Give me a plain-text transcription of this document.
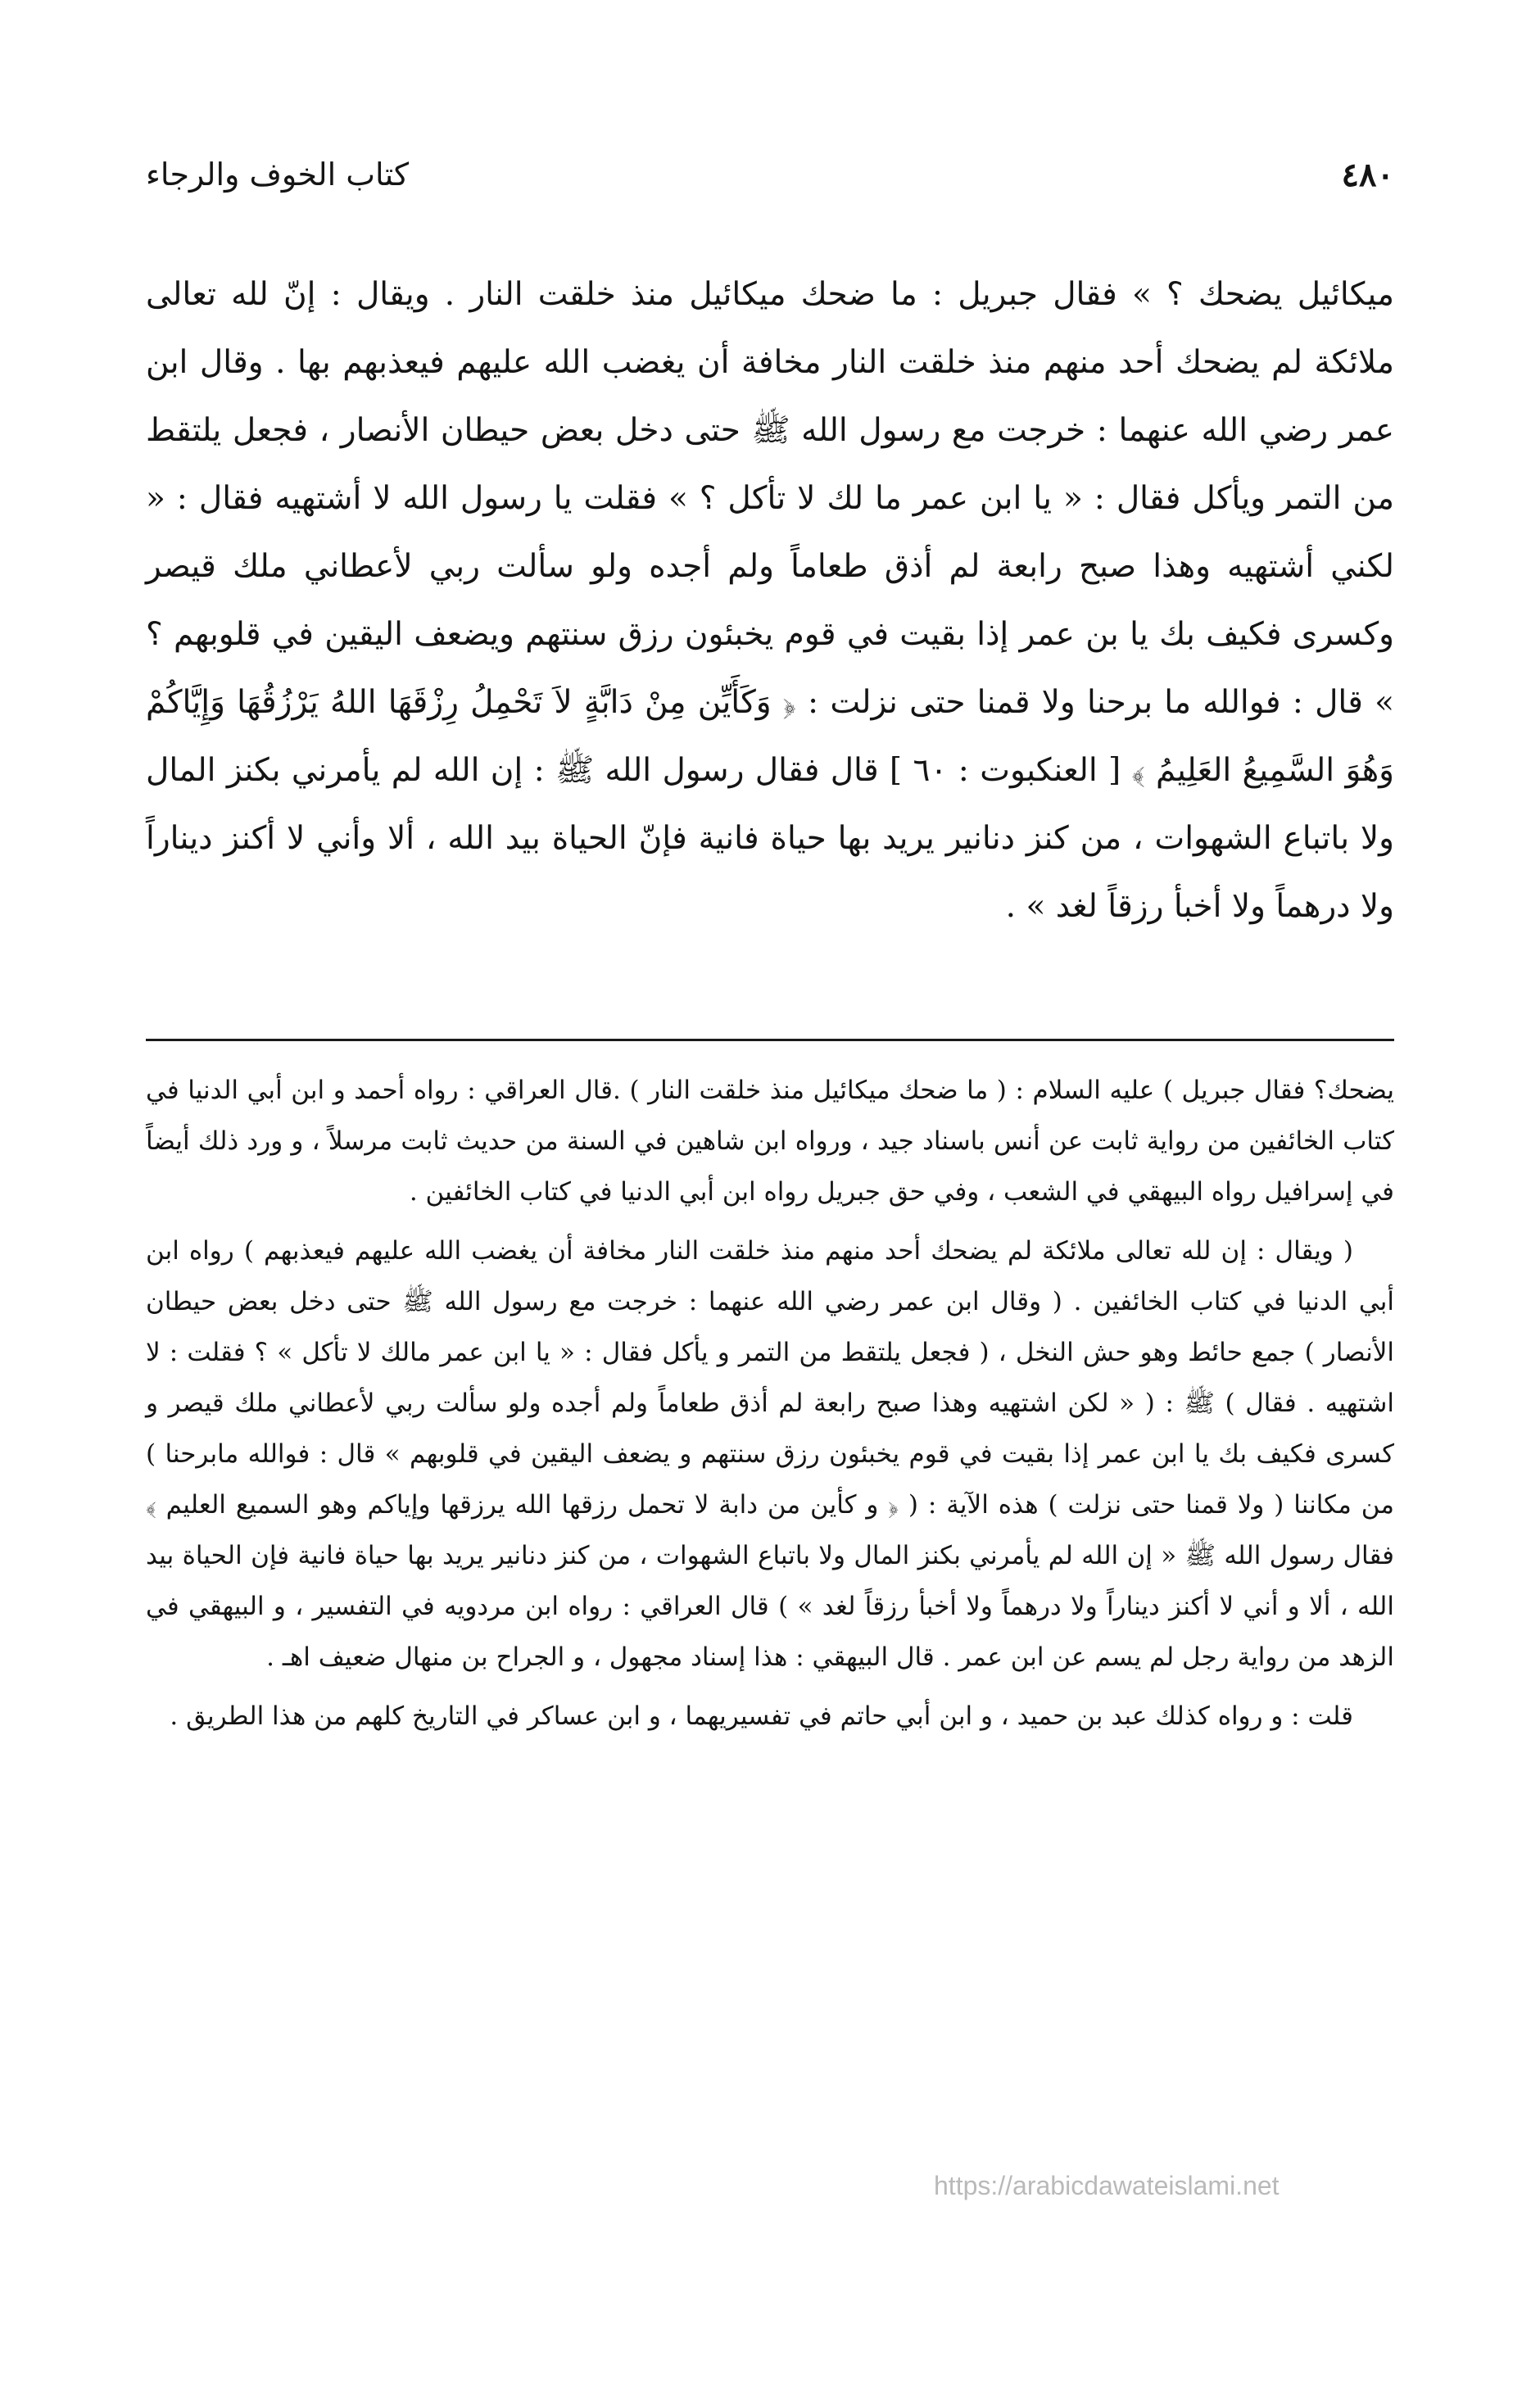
٤٨٠
كتاب الخوف والرجاء
ميكائيل يضحك ؟ » فقال جبريل : ما ضحك ميكائيل منذ خلقت النار . ويقال : إنّ لله تعالى ملائكة لم يضحك أحد منهم منذ خلقت النار مخافة أن يغضب الله عليهم فيعذبهم بها . وقال ابن عمر رضي الله عنهما : خرجت مع رسول الله ﷺ حتى دخل بعض حيطان الأنصار ، فجعل يلتقط من التمر ويأكل فقال : « يا ابن عمر ما لك لا تأكل ؟ » فقلت يا رسول الله لا أشتهيه فقال : « لكني أشتهيه وهذا صبح رابعة لم أذق طعاماً ولم أجده ولو سألت ربي لأعطاني ملك قيصر وكسرى فكيف بك يا بن عمر إذا بقيت في قوم يخبئون رزق سنتهم ويضعف اليقين في قلوبهم ؟ » قال : فوالله ما برحنا ولا قمنا حتى نزلت : ﴿ وَكَأَيِّن مِنْ دَابَّةٍ لاَ تَحْمِلُ رِزْقَهَا اللهُ يَرْزُقُهَا وَإِيَّاكُمْ وَهُوَ السَّمِيعُ العَلِيمُ ﴾ [ العنكبوت : ٦٠ ] قال فقال رسول الله ﷺ : إن الله لم يأمرني بكنز المال ولا باتباع الشهوات ، من كنز دنانير يريد بها حياة فانية فإنّ الحياة بيد الله ، ألا وأني لا أكنز ديناراً ولا درهماً ولا أخبأ رزقاً لغد » .

يضحك؟ فقال جبريل ) عليه السلام : ( ما ضحك ميكائيل منذ خلقت النار ) .قال العراقي : رواه أحمد و ابن أبي الدنيا في كتاب الخائفين من رواية ثابت عن أنس باسناد جيد ، ورواه ابن شاهين في السنة من حديث ثابت مرسلاً ، و ورد ذلك أيضاً في إسرافيل رواه البيهقي في الشعب ، وفي حق جبريل رواه ابن أبي الدنيا في كتاب الخائفين .

( ويقال : إن لله تعالى ملائكة لم يضحك أحد منهم منذ خلقت النار مخافة أن يغضب الله عليهم فيعذبهم ) رواه ابن أبي الدنيا في كتاب الخائفين . ( وقال ابن عمر رضي الله عنهما : خرجت مع رسول الله ﷺ حتى دخل بعض حيطان الأنصار ) جمع حائط وهو حش النخل ، ( فجعل يلتقط من التمر و يأكل فقال : « يا ابن عمر مالك لا تأكل » ؟ فقلت : لا اشتهيه . فقال ) ﷺ : ( « لكن اشتهيه وهذا صبح رابعة لم أذق طعاماً ولم أجده ولو سألت ربي لأعطاني ملك قيصر و كسرى فكيف بك يا ابن عمر إذا بقيت في قوم يخبئون رزق سنتهم و يضعف اليقين في قلوبهم » قال : فوالله مابرحنا ) من مكاننا ( ولا قمنا حتى نزلت ) هذه الآية : ( ﴿ و كأين من دابة لا تحمل رزقها الله يرزقها وإياكم وهو السميع العليم ﴾ فقال رسول الله ﷺ « إن الله لم يأمرني بكنز المال ولا باتباع الشهوات ، من كنز دنانير يريد بها حياة فانية فإن الحياة بيد الله ، ألا و أني لا أكنز ديناراً ولا درهماً ولا أخبأ رزقاً لغد » ) قال العراقي : رواه ابن مردويه في التفسير ، و البيهقي في الزهد من رواية رجل لم يسم عن ابن عمر . قال البيهقي : هذا إسناد مجهول ، و الجراح بن منهال ضعيف اهـ .

قلت : و رواه كذلك عبد بن حميد ، و ابن أبي حاتم في تفسيريهما ، و ابن عساكر في التاريخ كلهم من هذا الطريق .

https://arabicdawateislami.net
